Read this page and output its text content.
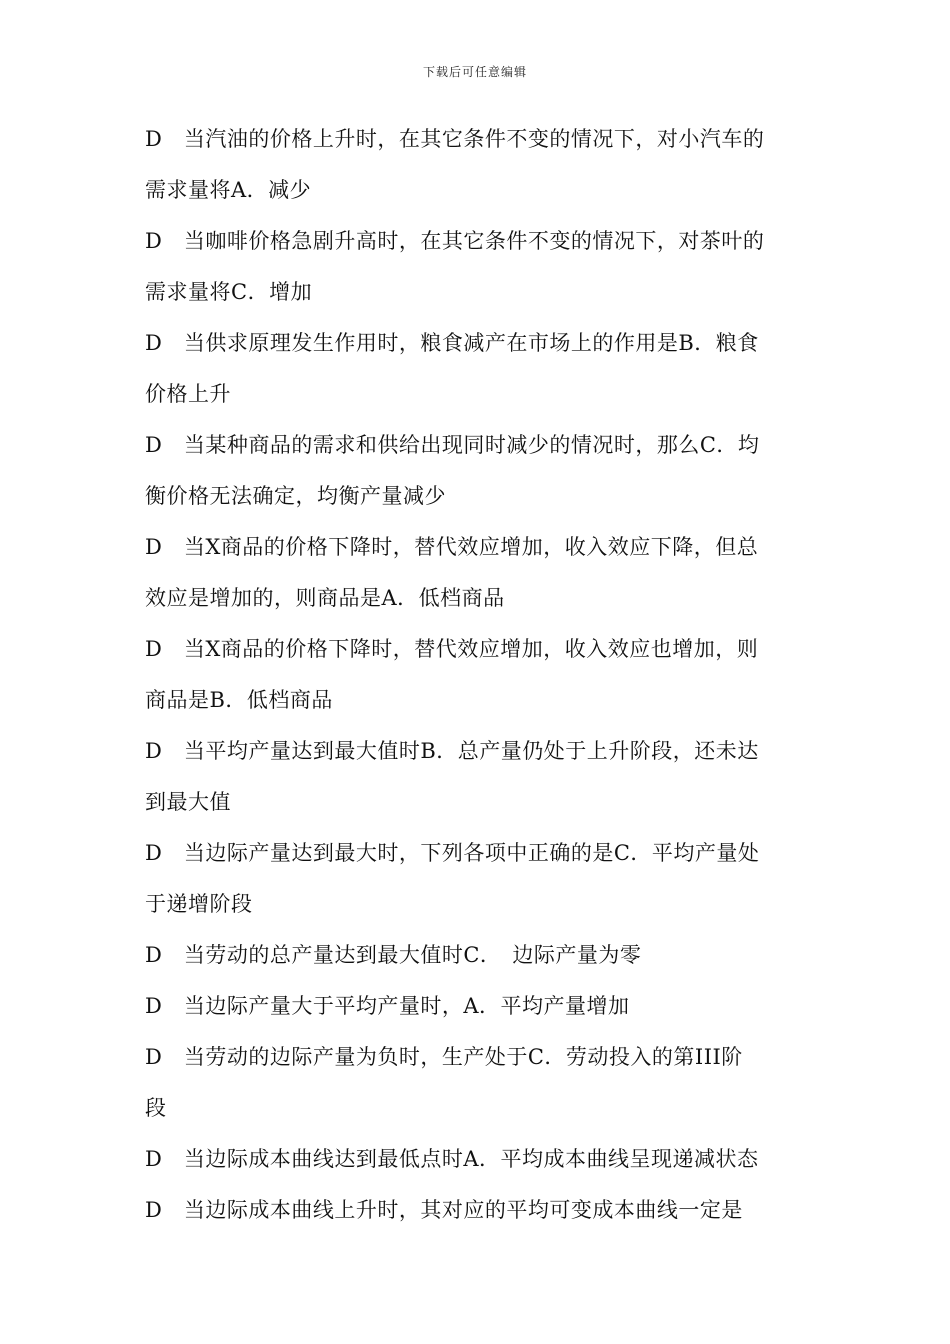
下载后可任意编辑
D　当汽油的价格上升时，在其它条件不变的情况下，对小汽车的
需求量将A．减少
D　当咖啡价格急剧升高时，在其它条件不变的情况下，对茶叶的
需求量将C．增加
D　当供求原理发生作用时，粮食减产在市场上的作用是B．粮食
价格上升
D　当某种商品的需求和供给出现同时减少的情况时，那么C．均
衡价格无法确定，均衡产量减少
D　当X商品的价格下降时，替代效应增加，收入效应下降，但总
效应是增加的，则商品是A．低档商品
D　当X商品的价格下降时，替代效应增加，收入效应也增加，则
商品是B．低档商品
D　当平均产量达到最大值时B．总产量仍处于上升阶段，还未达
到最大值
D　当边际产量达到最大时，下列各项中正确的是C．平均产量处
于递增阶段
D　当劳动的总产量达到最大值时C．　边际产量为零
D　当边际产量大于平均产量时，A．平均产量增加
D　当劳动的边际产量为负时，生产处于C．劳动投入的第III阶
段
D　当边际成本曲线达到最低点时A．平均成本曲线呈现递减状态
D　当边际成本曲线上升时，其对应的平均可变成本曲线一定是
